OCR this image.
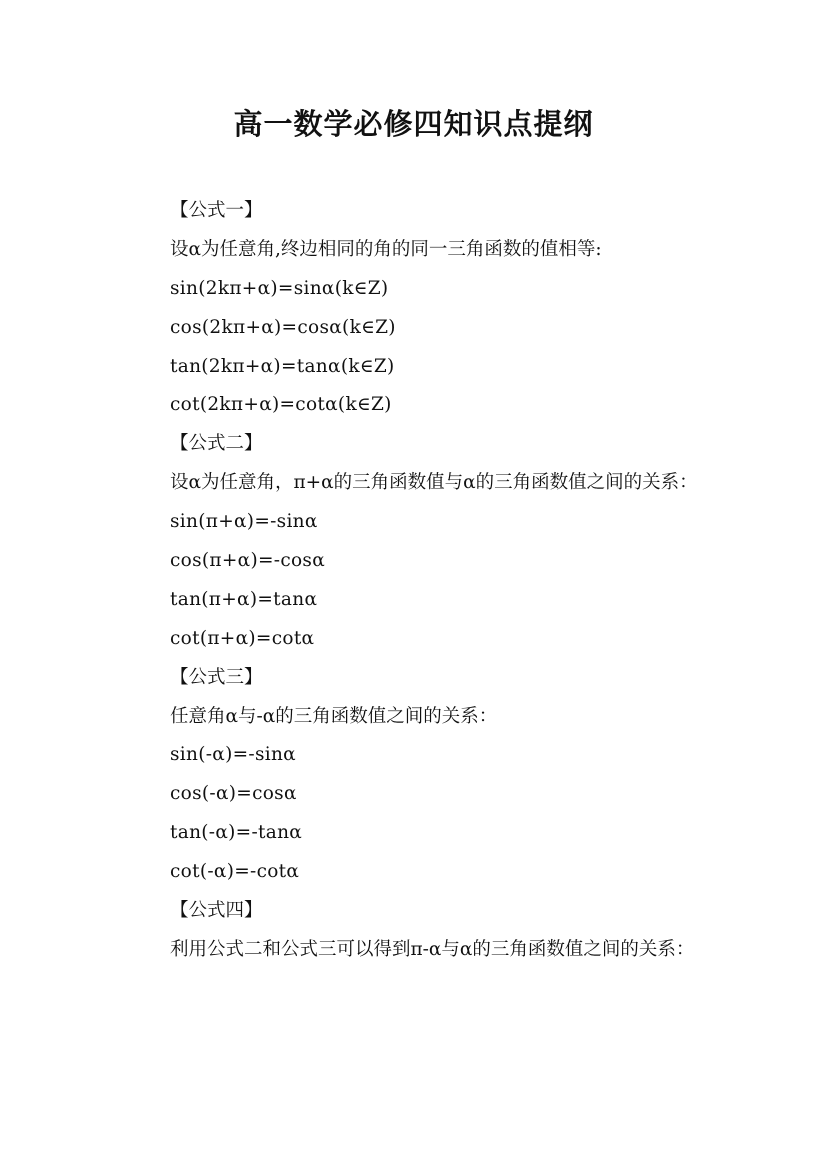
高一数学必修四知识点提纲
【公式一】
设α为任意角,终边相同的角的同一三角函数的值相等:
sin(2kπ+α)=sinα(k∈Z)
cos(2kπ+α)=cosα(k∈Z)
tan(2kπ+α)=tanα(k∈Z)
cot(2kπ+α)=cotα(k∈Z)
【公式二】
设α为任意角，π+α的三角函数值与α的三角函数值之间的关系：
sin(π+α)=-sinα
cos(π+α)=-cosα
tan(π+α)=tanα
cot(π+α)=cotα
【公式三】
任意角α与-α的三角函数值之间的关系：
sin(-α)=-sinα
cos(-α)=cosα
tan(-α)=-tanα
cot(-α)=-cotα
【公式四】
利用公式二和公式三可以得到π-α与α的三角函数值之间的关系：
